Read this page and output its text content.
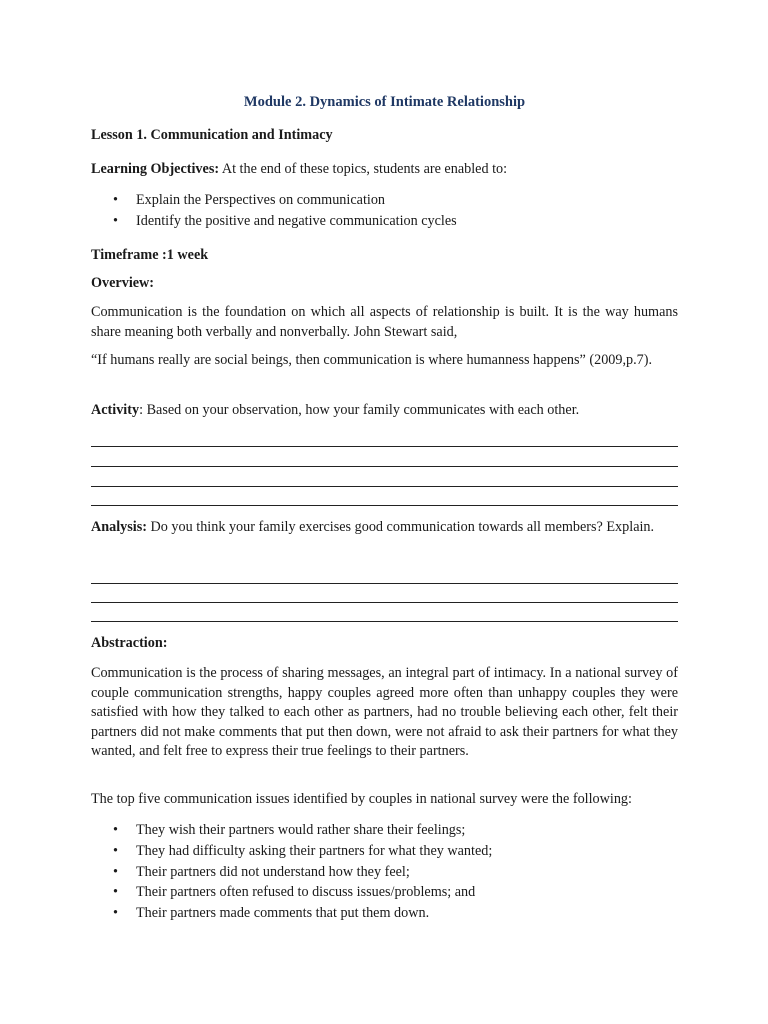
Module 2. Dynamics of Intimate Relationship
Lesson 1. Communication and Intimacy
Learning Objectives: At the end of these topics, students are enabled to:
• Explain the Perspectives on communication
• Identify the positive and negative communication cycles
Timeframe :1 week
Overview:
Communication is the foundation on which all aspects of relationship is built. It is the way humans share meaning both verbally and nonverbally. John Stewart said,
“If humans really are social beings, then communication is where humanness happens” (2009,p.7).
Activity: Based on your observation, how your family communicates with each other.
Analysis: Do you think your family exercises good communication towards all members? Explain.
Abstraction:
Communication is the process of sharing messages, an integral part of intimacy. In a national survey of couple communication strengths, happy couples agreed more often than unhappy couples they were satisfied with how they talked to each other as partners, had no trouble believing each other, felt their partners did not make comments that put then down, were not afraid to ask their partners for what they wanted, and felt free to express their true feelings to their partners.
The top five communication issues identified by couples in national survey were the following:
• They wish their partners would rather share their feelings;
• They had difficulty asking their partners for what they wanted;
• Their partners did not understand how they feel;
• Their partners often refused to discuss issues/problems; and
• Their partners made comments that put them down.
